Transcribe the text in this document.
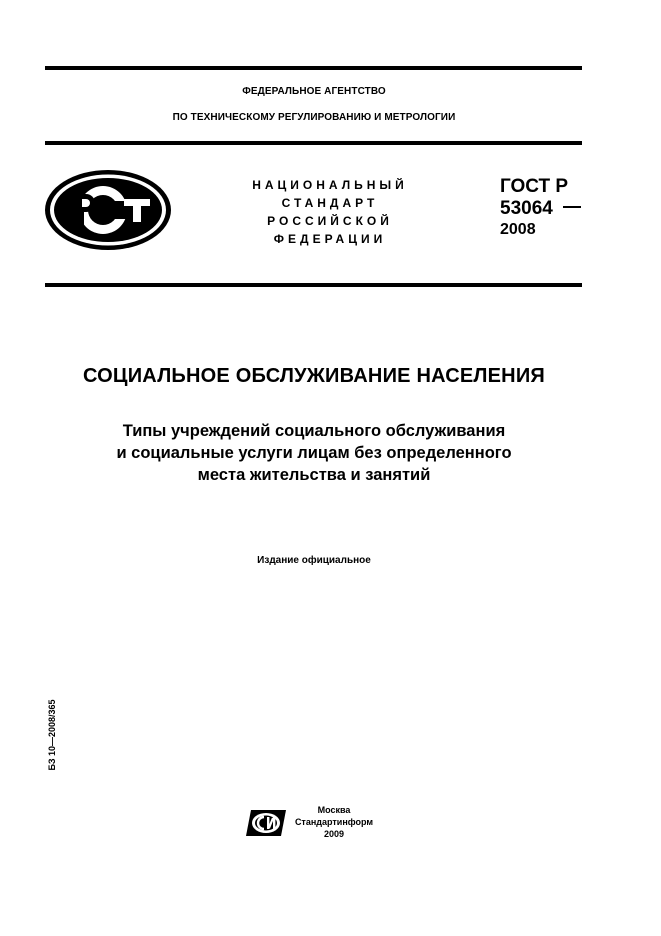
ФЕДЕРАЛЬНОЕ АГЕНТСТВО
ПО ТЕХНИЧЕСКОМУ РЕГУЛИРОВАНИЮ И МЕТРОЛОГИИ
НАЦИОНАЛЬНЫЙ
СТАНДАРТ
РОССИЙСКОЙ
ФЕДЕРАЦИИ
ГОСТ Р
53064
2008
СОЦИАЛЬНОЕ ОБСЛУЖИВАНИЕ НАСЕЛЕНИЯ
Типы учреждений социального обслуживания
и социальные услуги лицам без определенного
места жительства и занятий
Издание официальное
БЗ 10—2008/365
Москва
Стандартинформ
2009
